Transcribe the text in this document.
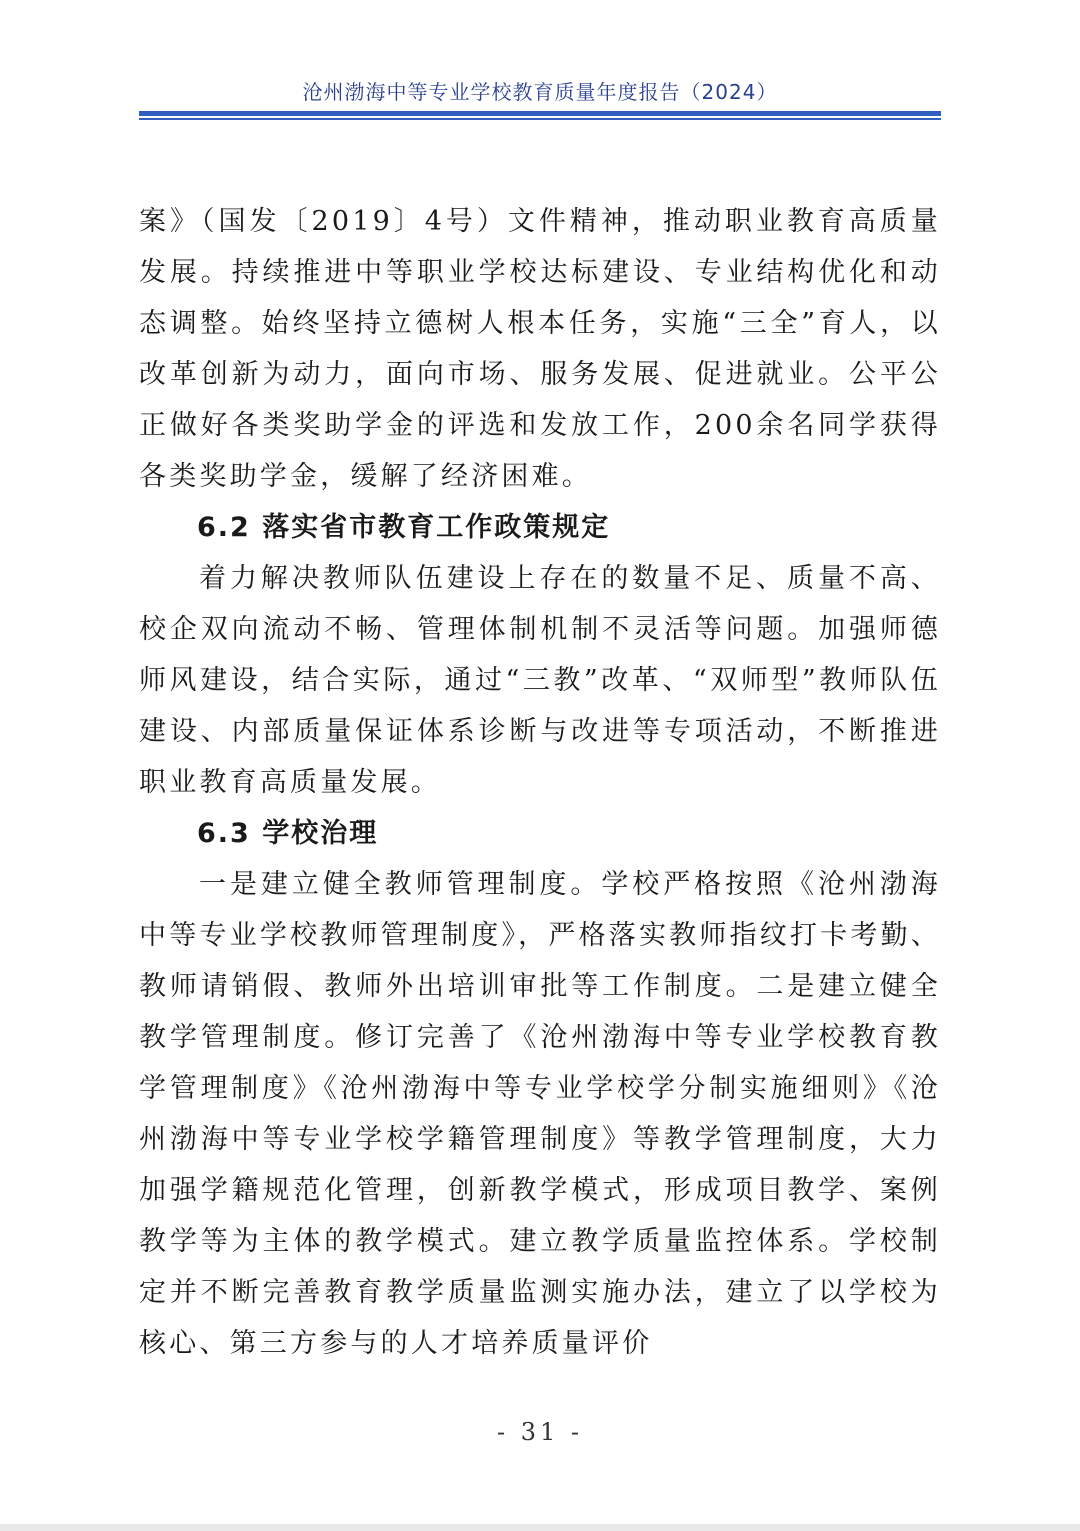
沧州渤海中等专业学校教育质量年度报告（2024）

案》（国发〔2019〕4号）文件精神，推动职业教育高质量发展。持续推进中等职业学校达标建设、专业结构优化和动态调整。始终坚持立德树人根本任务，实施“三全”育人，以改革创新为动力，面向市场、服务发展、促进就业。公平公正做好各类奖助学金的评选和发放工作，200余名同学获得各类奖助学金，缓解了经济困难。

6.2 落实省市教育工作政策规定

着力解决教师队伍建设上存在的数量不足、质量不高、校企双向流动不畅、管理体制机制不灵活等问题。加强师德师风建设，结合实际，通过“三教”改革、“双师型”教师队伍建设、内部质量保证体系诊断与改进等专项活动，不断推进职业教育高质量发展。

6.3 学校治理

一是建立健全教师管理制度。学校严格按照《沧州渤海中等专业学校教师管理制度》，严格落实教师指纹打卡考勤、教师请销假、教师外出培训审批等工作制度。二是建立健全教学管理制度。修订完善了《沧州渤海中等专业学校教育教学管理制度》《沧州渤海中等专业学校学分制实施细则》《沧州渤海中等专业学校学籍管理制度》等教学管理制度，大力加强学籍规范化管理，创新教学模式，形成项目教学、案例教学等为主体的教学模式。建立教学质量监控体系。学校制定并不断完善教育教学质量监测实施办法，建立了以学校为核心、第三方参与的人才培养质量评价

- 31 -
